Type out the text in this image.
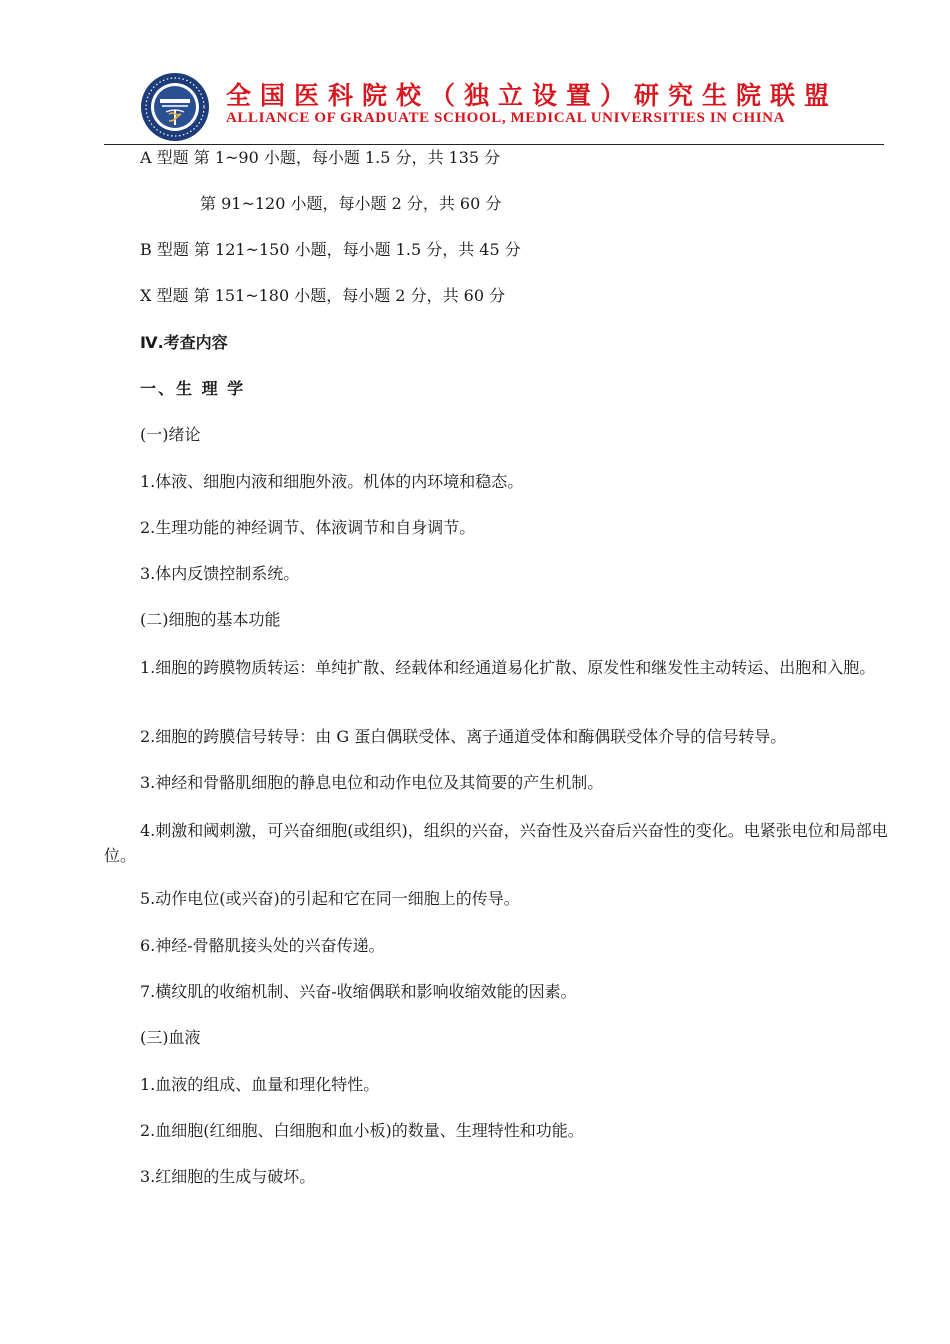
全国医科院校（独立设置）研究生院联盟
ALLIANCE OF GRADUATE SCHOOL, MEDICAL UNIVERSITIES IN CHINA
A 型题 第 1~90 小题，每小题 1.5 分，共 135 分
第 91~120 小题，每小题 2 分，共 60 分
B 型题 第 121~150 小题，每小题 1.5 分，共 45 分
X 型题 第 151~180 小题，每小题 2 分，共 60 分
Ⅳ.考查内容
一、生 理 学
(一)绪论
1.体液、细胞内液和细胞外液。机体的内环境和稳态。
2.生理功能的神经调节、体液调节和自身调节。
3.体内反馈控制系统。
(二)细胞的基本功能
1.细胞的跨膜物质转运：单纯扩散、经载体和经通道易化扩散、原发性和继发性主动转运、出胞和入胞。
2.细胞的跨膜信号转导：由 G 蛋白偶联受体、离子通道受体和酶偶联受体介导的信号转导。
3.神经和骨骼肌细胞的静息电位和动作电位及其简要的产生机制。
4.刺激和阈刺激，可兴奋细胞(或组织)，组织的兴奋，兴奋性及兴奋后兴奋性的变化。电紧张电位和局部电位。
5.动作电位(或兴奋)的引起和它在同一细胞上的传导。
6.神经-骨骼肌接头处的兴奋传递。
7.横纹肌的收缩机制、兴奋-收缩偶联和影响收缩效能的因素。
(三)血液
1.血液的组成、血量和理化特性。
2.血细胞(红细胞、白细胞和血小板)的数量、生理特性和功能。
3.红细胞的生成与破坏。
